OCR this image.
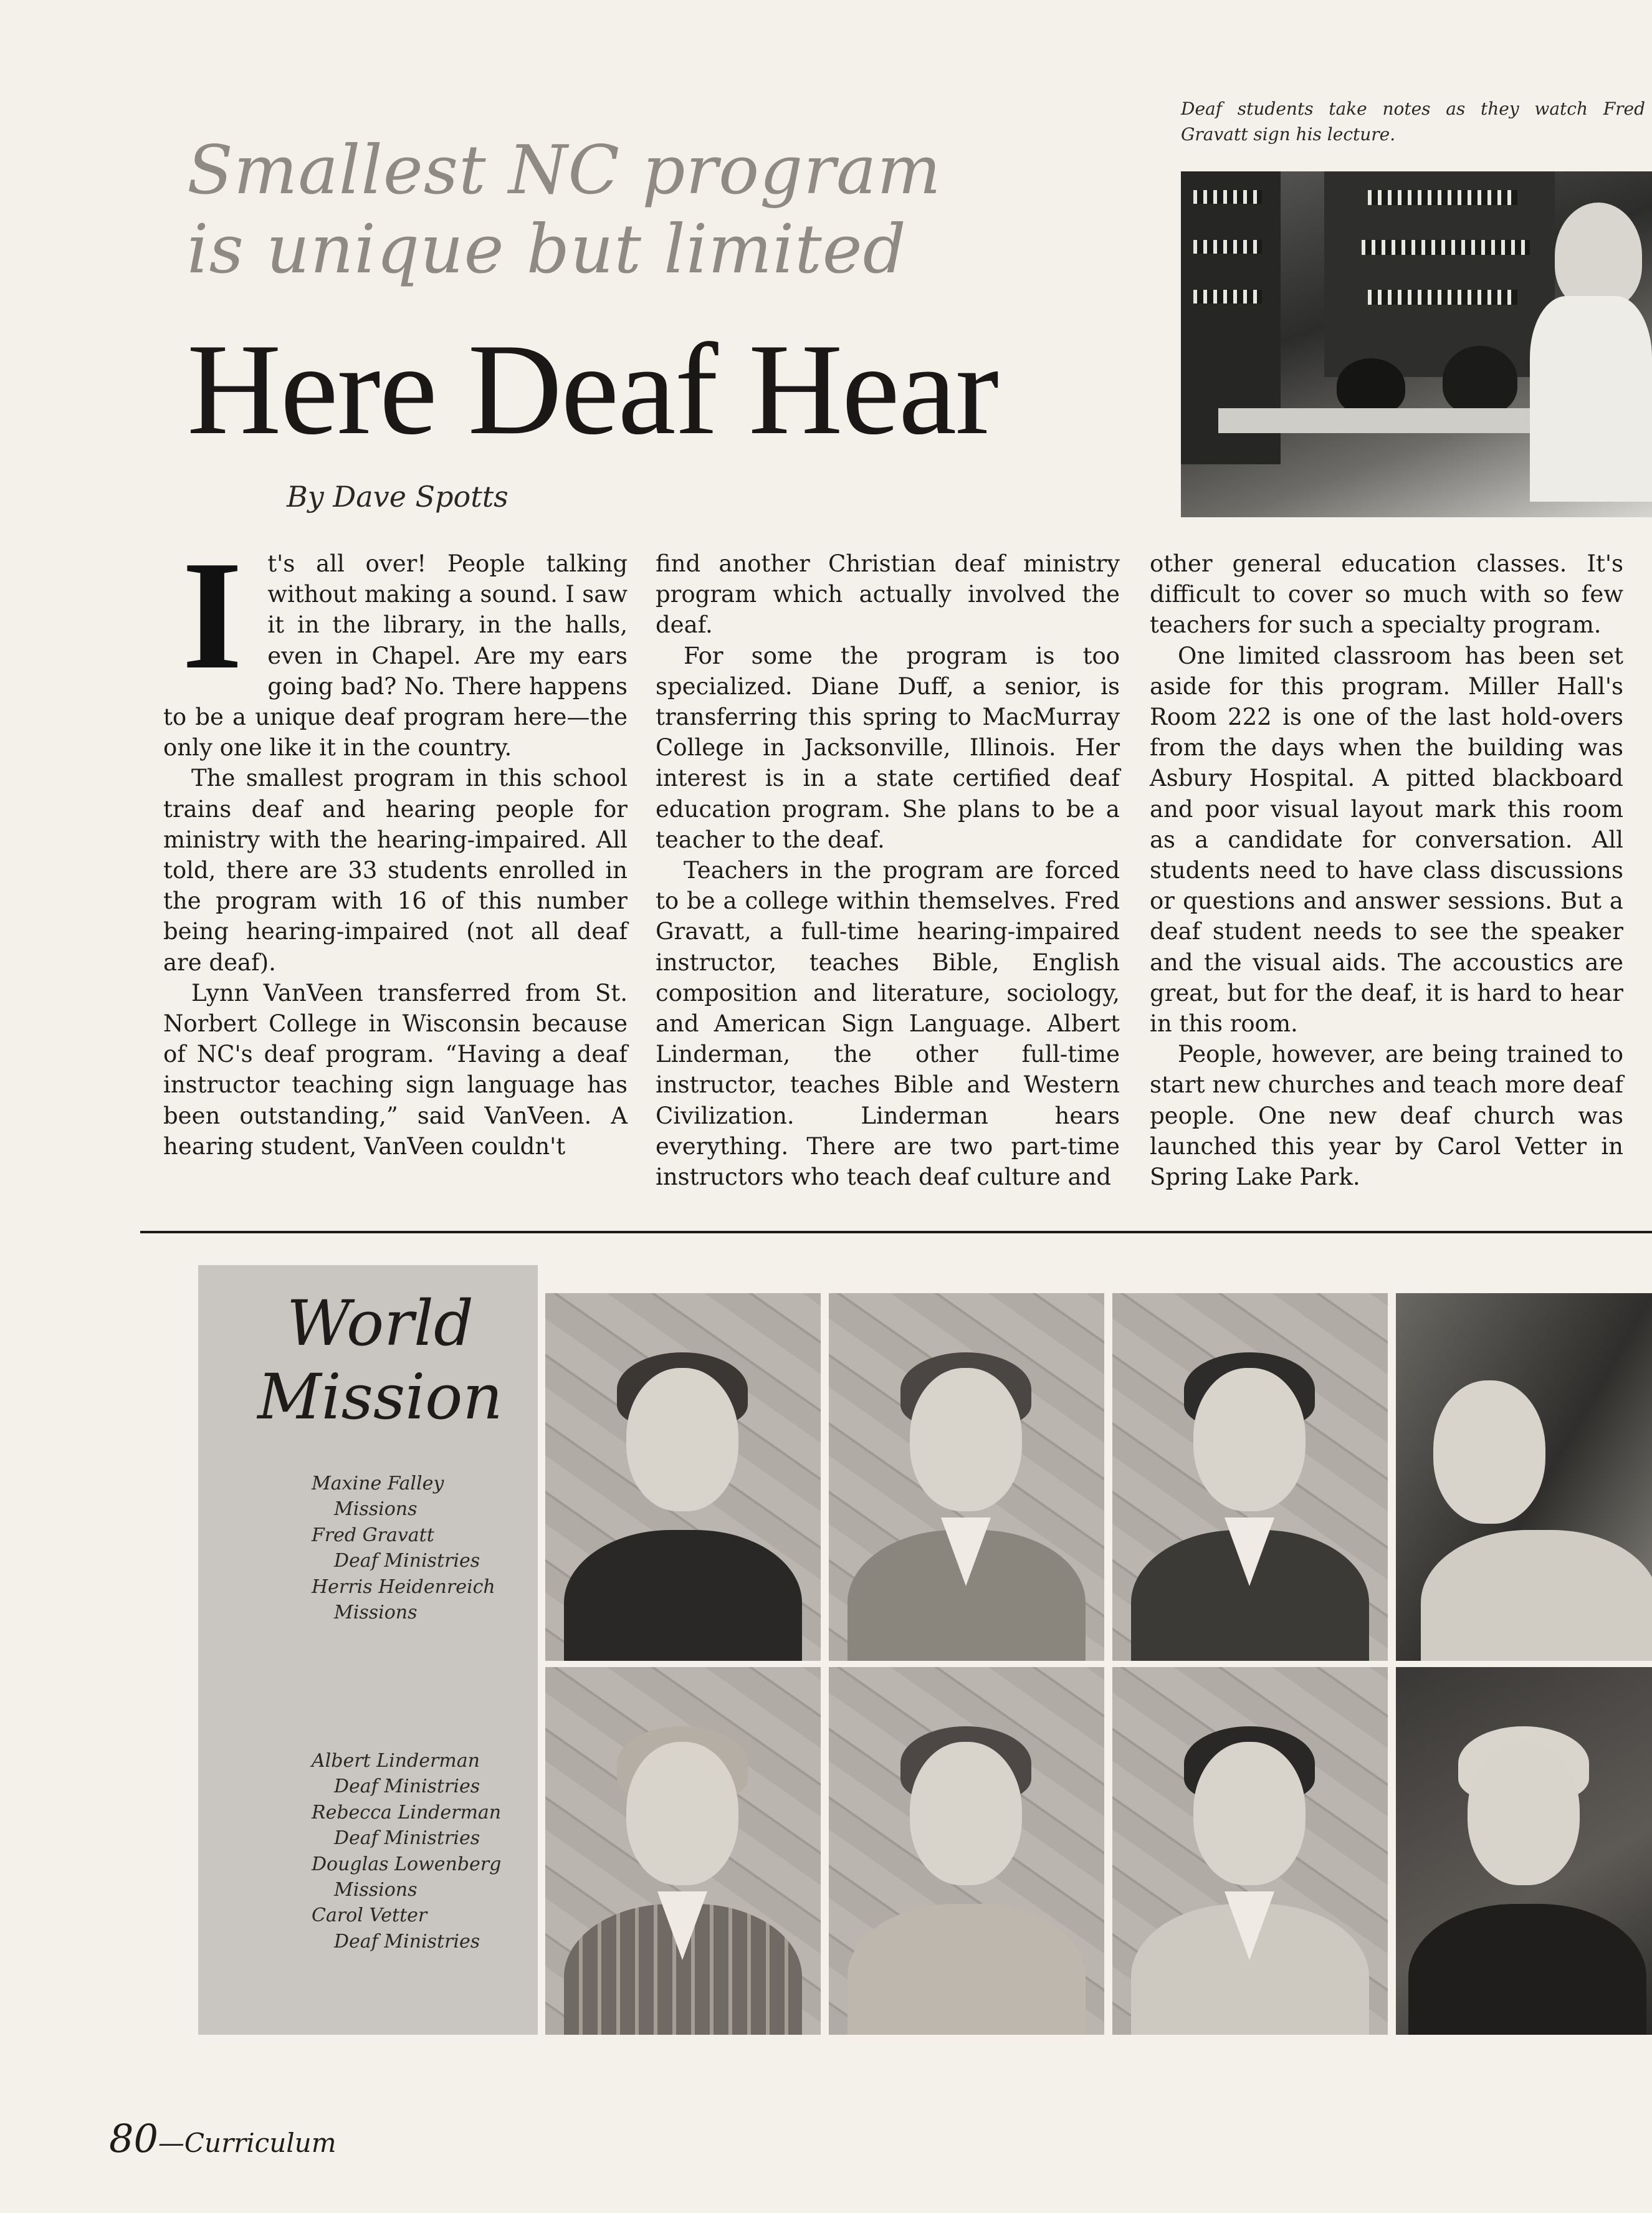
Smallest NC program
is unique but limited
Here Deaf Hear
By Dave Spotts
Deaf students take notes as they watch Fred Gravatt sign his lecture.
I	t's all over! People talking without making a sound. I saw it in the library, in the halls, even in Chapel. Are my ears going bad? No. There happens to be a unique deaf program here—the only one like it in the country.

The smallest program in this school trains deaf and hearing people for ministry with the hearing-impaired. All told, there are 33 students enrolled in the program with 16 of this number being hearing-impaired (not all deaf are deaf).

Lynn VanVeen transferred from St. Norbert College in Wisconsin because of NC's deaf program. “Having a deaf instructor teaching sign language has been outstanding,” said VanVeen. A hearing student, VanVeen couldn't

find another Christian deaf ministry program which actually involved the deaf.

For some the program is too specialized. Diane Duff, a senior, is transferring this spring to MacMurray College in Jacksonville, Illinois. Her interest is in a state certified deaf education program. She plans to be a teacher to the deaf.

Teachers in the program are forced to be a college within themselves. Fred Gravatt, a full-time hearing-impaired instructor, teaches Bible, English composition and literature, sociology, and American Sign Language. Albert Linderman, the other full-time instructor, teaches Bible and Western Civilization. Linderman hears everything. There are two part-time instructors who teach deaf culture and

other general education classes. It's difficult to cover so much with so few teachers for such a specialty program.

One limited classroom has been set aside for this program. Miller Hall's Room 222 is one of the last hold-overs from the days when the building was Asbury Hospital. A pitted blackboard and poor visual layout mark this room as a candidate for conversation. All students need to have class discussions or questions and answer sessions. But a deaf student needs to see the speaker and the visual aids. The accoustics are great, but for the deaf, it is hard to hear in this room.

People, however, are being trained to start new churches and teach more deaf people. One new deaf church was launched this year by Carol Vetter in Spring Lake Park.

World
Mission
Maxine Falley
Missions
Fred Gravatt
Deaf Ministries
Herris Heidenreich
Missions
Albert Linderman
Deaf Ministries
Rebecca Linderman
Deaf Ministries
Douglas Lowenberg
Missions
Carol Vetter
Deaf Ministries
80—Curriculum
